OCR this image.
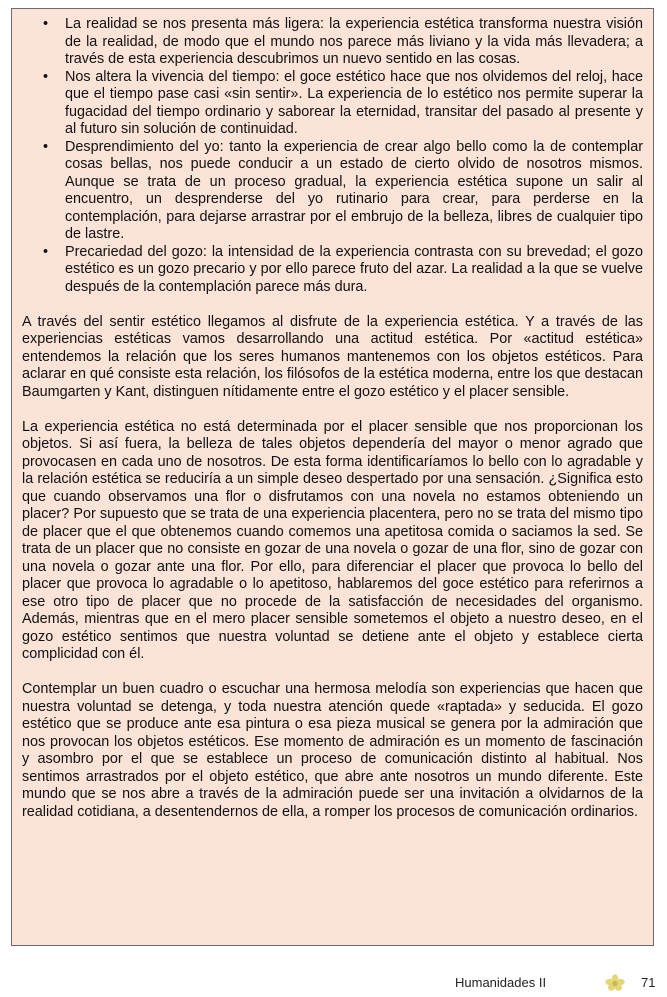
• La realidad se nos presenta más ligera: la experiencia estética transforma nuestra visión de la realidad, de modo que el mundo nos parece más liviano y la vida más llevadera; a través de esta experiencia descubrimos un nuevo sentido en las cosas.
• Nos altera la vivencia del tiempo: el goce estético hace que nos olvidemos del reloj, hace que el tiempo pase casi «sin sentir». La experiencia de lo estético nos permite superar la fugacidad del tiempo ordinario y saborear la eternidad, transitar del pasado al presente y al futuro sin solución de continuidad.
• Desprendimiento del yo: tanto la experiencia de crear algo bello como la de contemplar cosas bellas, nos puede conducir a un estado de cierto olvido de nosotros mismos. Aunque se trata de un proceso gradual, la experiencia estética supone un salir al encuentro, un desprenderse del yo rutinario para crear, para perderse en la contemplación, para dejarse arrastrar por el embrujo de la belleza, libres de cualquier tipo de lastre.
• Precariedad del gozo: la intensidad de la experiencia contrasta con su brevedad; el gozo estético es un gozo precario y por ello parece fruto del azar. La realidad a la que se vuelve después de la contemplación parece más dura.

A través del sentir estético llegamos al disfrute de la experiencia estética. Y a través de las experiencias estéticas vamos desarrollando una actitud estética. Por «actitud estética» entendemos la relación que los seres humanos mantenemos con los objetos estéticos. Para aclarar en qué consiste esta relación, los filósofos de la estética moderna, entre los que destacan Baumgarten y Kant, distinguen nítidamente entre el gozo estético y el placer sensible.

La experiencia estética no está determinada por el placer sensible que nos proporcionan los objetos. Si así fuera, la belleza de tales objetos dependería del mayor o menor agrado que provocasen en cada uno de nosotros. De esta forma identificaríamos lo bello con lo agradable y la relación estética se reduciría a un simple deseo despertado por una sensación. ¿Significa esto que cuando observamos una flor o disfrutamos con una novela no estamos obteniendo un placer? Por supuesto que se trata de una experiencia placentera, pero no se trata del mismo tipo de placer que el que obtenemos cuando comemos una apetitosa comida o saciamos la sed. Se trata de un placer que no consiste en gozar de una novela o gozar de una flor, sino de gozar con una novela o gozar ante una flor. Por ello, para diferenciar el placer que provoca lo bello del placer que provoca lo agradable o lo apetitoso, hablaremos del goce estético para referirnos a ese otro tipo de placer que no procede de la satisfacción de necesidades del organismo. Además, mientras que en el mero placer sensible sometemos el objeto a nuestro deseo, en el gozo estético sentimos que nuestra voluntad se detiene ante el objeto y establece cierta complicidad con él.

Contemplar un buen cuadro o escuchar una hermosa melodía son experiencias que hacen que nuestra voluntad se detenga, y toda nuestra atención quede «raptada» y seducida. El gozo estético que se produce ante esa pintura o esa pieza musical se genera por la admiración que nos provocan los objetos estéticos. Ese momento de admiración es un momento de fascinación y asombro por el que se establece un proceso de comunicación distinto al habitual. Nos sentimos arrastrados por el objeto estético, que abre ante nosotros un mundo diferente. Este mundo que se nos abre a través de la admiración puede ser una invitación a olvidarnos de la realidad cotidiana, a desentendernos de ella, a romper los procesos de comunicación ordinarios.

Humanidades II	71
